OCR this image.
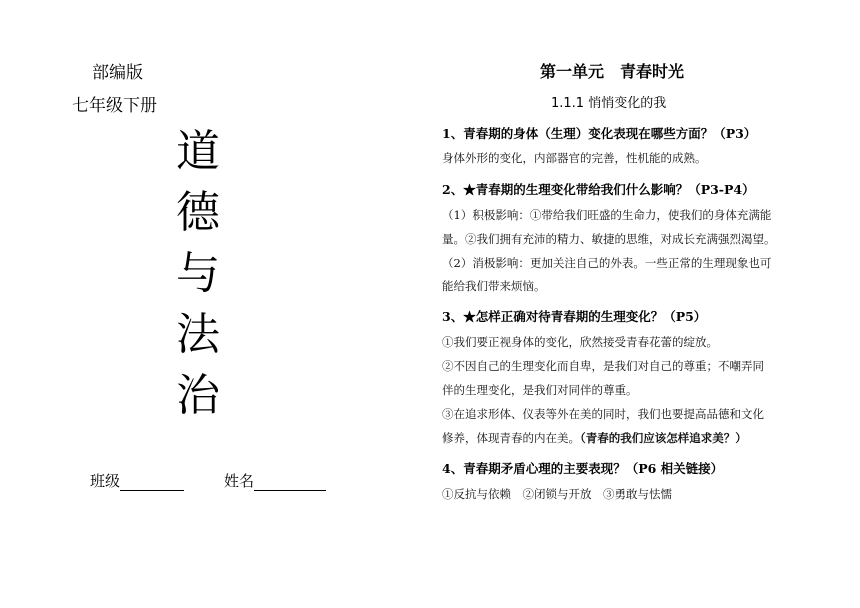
部编版
七年级下册
道
德
与
法
治
班级	姓名
第一单元　青春时光
1.1.1 悄悄变化的我
1、青春期的身体（生理）变化表现在哪些方面？（P3）
身体外形的变化，内部器官的完善，性机能的成熟。
2、★青春期的生理变化带给我们什么影响？（P3-P4）
（1）积极影响：①带给我们旺盛的生命力，使我们的身体充满能
量。②我们拥有充沛的精力、敏捷的思维，对成长充满强烈渴望。
（2）消极影响：更加关注自己的外表。一些正常的生理现象也可
能给我们带来烦恼。
3、★怎样正确对待青春期的生理变化？（P5）
①我们要正视身体的变化，欣然接受青春花蕾的绽放。
②不因自己的生理变化而自卑，是我们对自己的尊重；不嘲弄同
伴的生理变化，是我们对同伴的尊重。
③在追求形体、仪表等外在美的同时，我们也要提高品德和文化
修养，体现青春的内在美。（青春的我们应该怎样追求美？）
4、青春期矛盾心理的主要表现？（P6 相关链接）
①反抗与依赖　②闭锁与开放　③勇敢与怯懦
